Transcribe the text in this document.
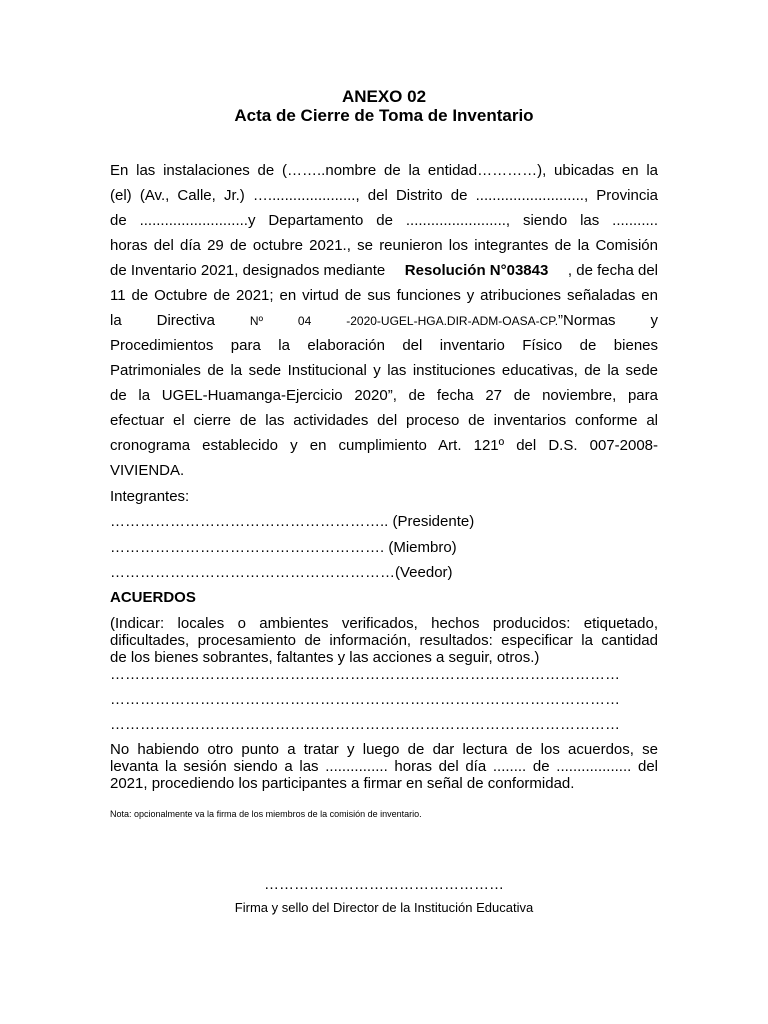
ANEXO 02
Acta de Cierre de Toma de Inventario
En las instalaciones de (……..nombre de la entidad…………), ubicadas en la
(el) (Av., Calle, Jr.) …....................., del Distrito de .........................., Provincia
de ..........................y Departamento de ........................, siendo las ...........
horas del día 29 de octubre 2021., se reunieron los integrantes de la Comisión
de Inventario 2021, designados mediante Resolución N°03843 , de fecha del
11 de Octubre de 2021; en virtud de sus funciones y atribuciones señaladas en
la Directiva	Nº	04	-2020-UGEL-HGA.DIR-ADM-OASA-CP. ”Normas y
Procedimientos para la elaboración del inventario Físico de bienes
Patrimoniales de la sede Institucional y las instituciones educativas, de la sede
de la UGEL-Huamanga-Ejercicio 2020”, de fecha 27 de noviembre, para
efectuar el cierre de las actividades del proceso de inventarios conforme al
cronograma establecido y en cumplimiento Art. 121º del D.S. 007-2008-
VIVIENDA.
Integrantes:
……………………………………………….. (Presidente)
………………………………………………. (Miembro)
…………………………………………………(Veedor)
ACUERDOS
(Indicar: locales o ambientes verificados, hechos producidos: etiquetado,
dificultades, procesamiento de información, resultados: especificar la cantidad
de los bienes sobrantes, faltantes y las acciones a seguir, otros.)
…………………………………………………………………………………………
…………………………………………………………………………………………
…………………………………………………………………………………………
No habiendo otro punto a tratar y luego de dar lectura de los acuerdos, se
levanta la sesión siendo a las ............... horas del día ........ de .................. del
2021, procediendo los participantes a firmar en señal de conformidad.
Nota: opcionalmente va la firma de los miembros de la comisión de inventario.
…………………………………………
Firma y sello del Director de la Institución Educativa
